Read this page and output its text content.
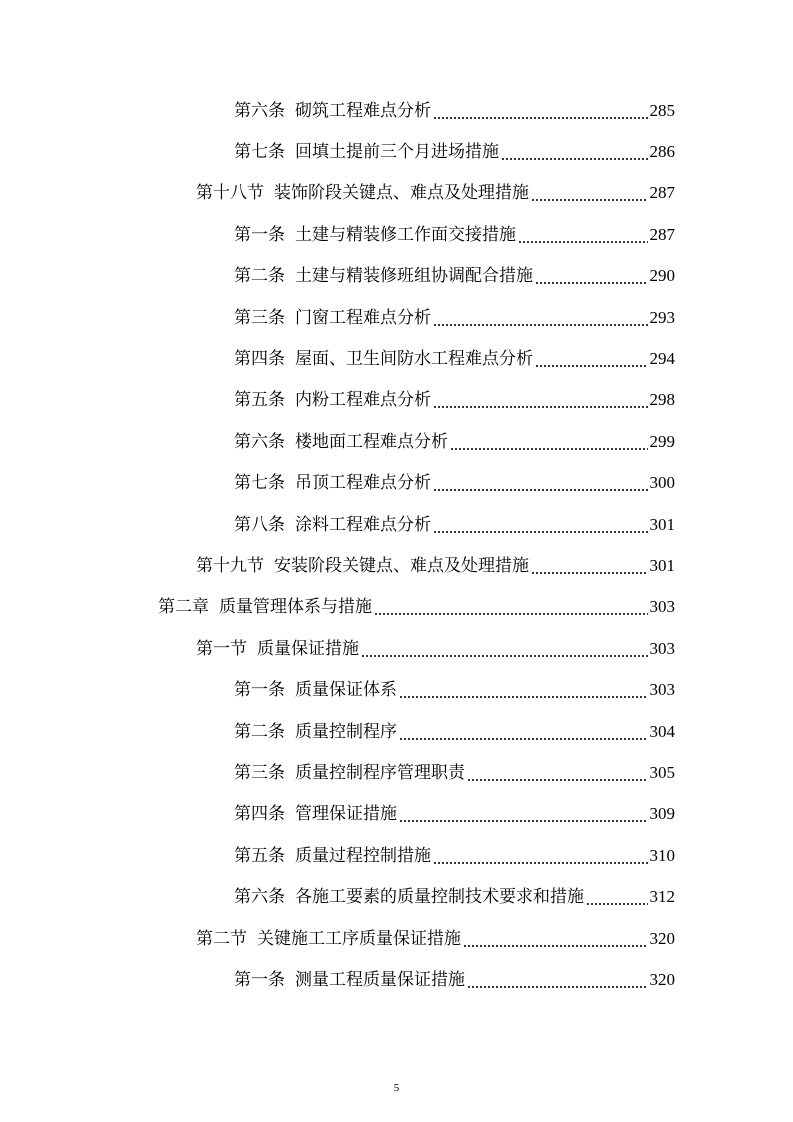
第六条 砌筑工程难点分析	285
第七条 回填土提前三个月进场措施	286
第十八节 装饰阶段关键点、难点及处理措施	287
第一条 土建与精装修工作面交接措施	287
第二条 土建与精装修班组协调配合措施	290
第三条 门窗工程难点分析	293
第四条 屋面、卫生间防水工程难点分析	294
第五条 内粉工程难点分析	298
第六条 楼地面工程难点分析	299
第七条 吊顶工程难点分析	300
第八条 涂料工程难点分析	301
第十九节 安装阶段关键点、难点及处理措施	301
第二章 质量管理体系与措施	303
第一节 质量保证措施	303
第一条 质量保证体系	303
第二条 质量控制程序	304
第三条 质量控制程序管理职责	305
第四条 管理保证措施	309
第五条 质量过程控制措施	310
第六条 各施工要素的质量控制技术要求和措施	312
第二节 关键施工工序质量保证措施	320
第一条 测量工程质量保证措施	320
5
